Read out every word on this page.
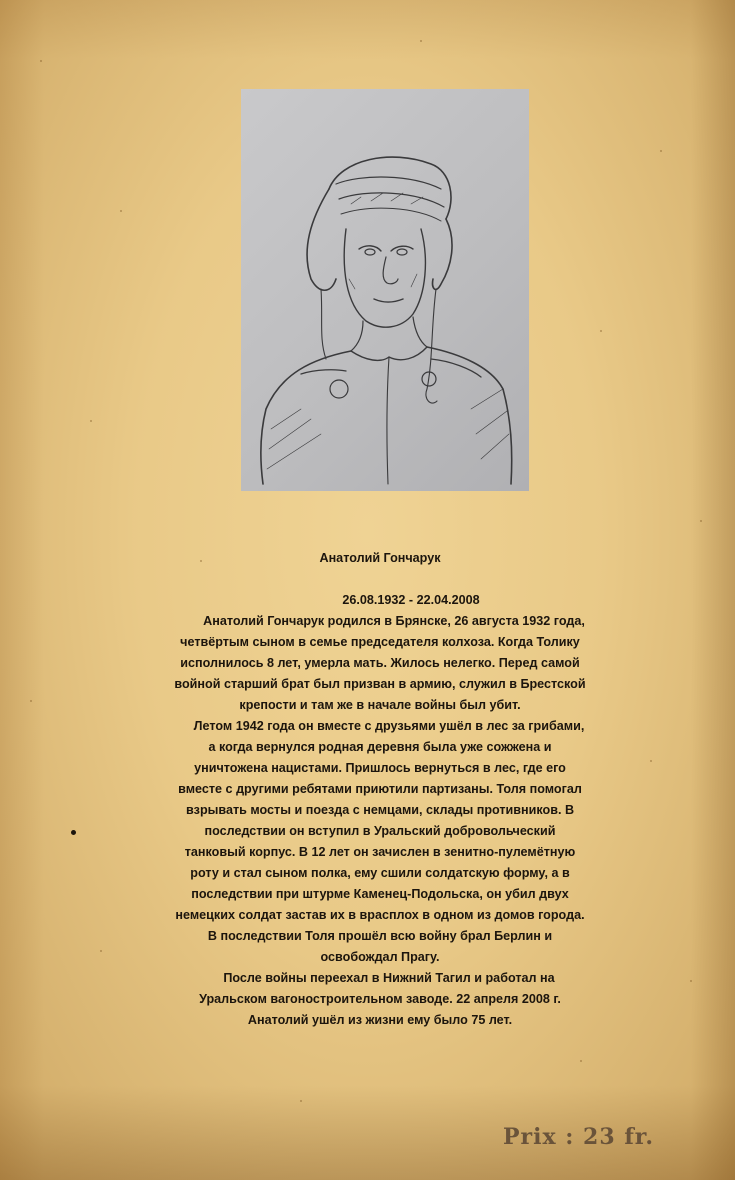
Анатолий Гончарук

26.08.1932 - 22.04.2008

Анатолий Гончарук родился в Брянске, 26 августа 1932 года,
четвёртым сыном в семье председателя колхоза. Когда Толику
исполнилось 8 лет, умерла мать. Жилось нелегко. Перед самой
войной старший брат был призван в армию, служил в Брестской
крепости и там же в начале войны был убит.

Летом 1942 года он вместе с друзьями ушёл в лес за грибами,
а когда вернулся родная деревня была уже сожжена и
уничтожена нацистами. Пришлось вернуться в лес, где его
вместе с другими ребятами приютили партизаны. Толя помогал
взрывать мосты и поезда с немцами, склады противников. В
последствии он вступил в Уральский добровольческий
танковый корпус. В 12 лет он зачислен в зенитно-пулемётную
роту и стал сыном полка, ему сшили солдатскую форму, а в
последствии при штурме Каменец-Подольска, он убил двух
немецких солдат застав их в врасплох в одном из домов города.
В последствии Толя прошёл всю войну брал Берлин и
освобождал Прагу.

После войны переехал в Нижний Тагил и работал на
Уральском вагоностроительном заводе. 22 апреля 2008 г.
Анатолий ушёл из жизни ему было 75 лет.

Prix : 23 fr.
